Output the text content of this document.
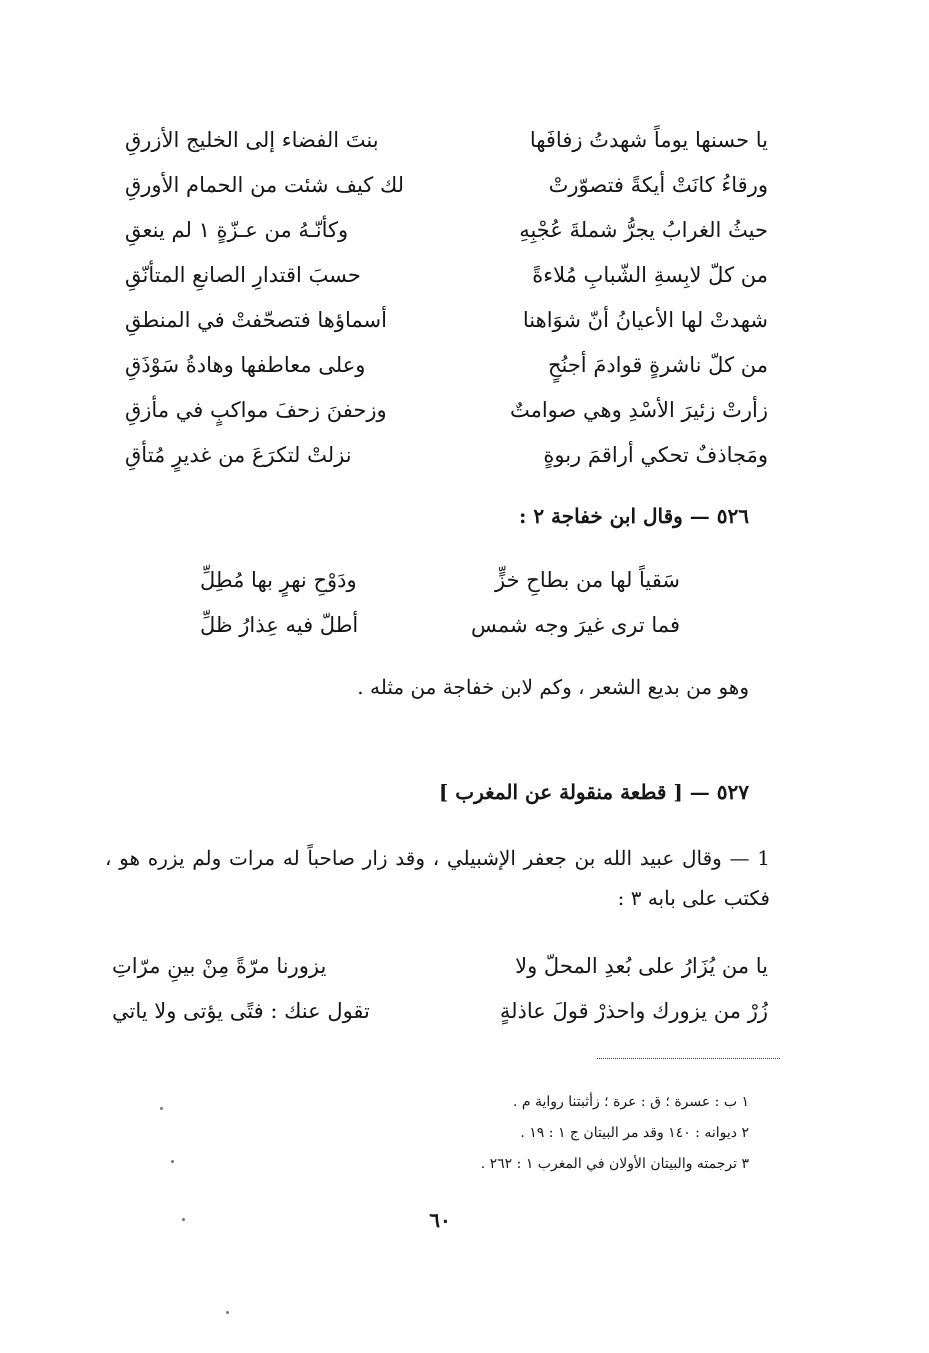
يا حسنها يوماً شهدتُ زفافَها
بنتَ الفضاء إلى الخليج الأزرقِ
ورقاءُ كانَتْ أيكةً فتصوّرتْ
لك كيف شئت من الحمام الأورقِ
حيثُ الغرابُ يجرُّ شملةَ عُجْبِهِ
وكأنّـهُ من عـزّةٍ ١ لم ينعقِ
من كلّ لابِسةِ الشّبابِ مُلاءةً
حسبَ اقتدارِ الصانعِ المتأنّقِ
شهدتْ لها الأعيانُ أنّ شوَاهنا
أسماؤها فتصحّفتْ في المنطقِ
من كلّ ناشرةٍ قوادمَ أجنُحٍ
وعلى معاطفها وهادةُ سَوْذَقِ
زأرتْ زئيرَ الأسْدِ وهي صوامتٌ
وزحفنَ زحفَ مواكبٍ في مأزقِ
ومَجاذفٌ تحكي أراقمَ ربوةٍ
نزلتْ لتكرَعَ من غديرٍ مُتأقِ
٥٢٦ — وقال ابن خفاجة ٢ :
سَقياً لها من بطاحِ خزٍّ
ودَوْحِ نهرٍ بها مُطِلِّ
فما ترى غيرَ وجه شمس
أطلّ فيه عِذارُ ظلِّ
وهو من بديع الشعر ، وكم لابن خفاجة من مثله .
٥٢٧ — [ قطعة منقولة عن المغرب ]
1 — وقال عبيد الله بن جعفر الإشبيلي ، وقد زار صاحباً له مرات ولم يزره هو ، فكتب على بابه ٣ :
يا من يُزَارُ على بُعدِ المحلّ ولا
يزورنا مرّةً مِنْ بينِ مرّاتِ
زُرْ من يزورك واحذرْ قولَ عاذلةٍ
تقول عنك : فتًى يؤتى ولا ياتي
١ ب : عسرة ؛ ق : عرة ؛ زأثبتنا رواية م .
٢ ديوانه : ١٤٠ وقد مر البيتان ج ١ : ١٩ .
٣ ترجمته والبيتان الأولان في المغرب ١ : ٢٦٢ .
٦٠
